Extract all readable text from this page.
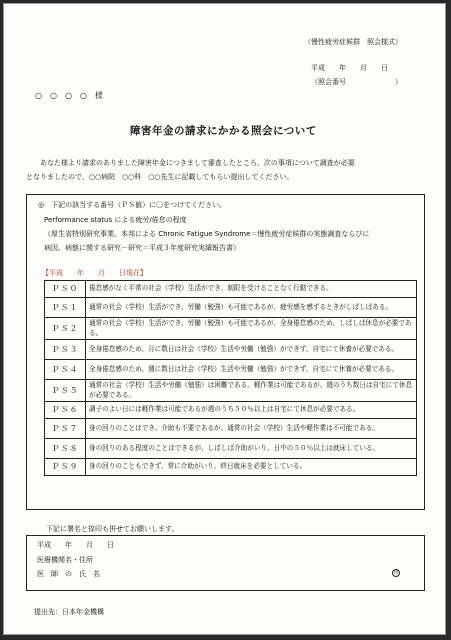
（慢性疲労症候群　照会様式）
平成　　年　　月　　日
（照会番号　　　　　　　）
○　○　○　○　様
障害年金の請求にかかる照会について
あなた様より請求のありました障害年金につきまして審査したところ、次の事項について調査が必要
となりましたので、○○病院　○○科　○○先生に記載してもらい提出してください。
◎　下記の該当する番号（ＰＳ値）に〇をつけてください。
Performance status による疲労/倦怠の程度
（厚生省特別研究事業、本邦による Chronic Fatigue Syndrome＝慢性疲労症候群の実態調査ならびに
病因、病態に関する研究－研究＝平成３年度研究実績報告書）
【平成　　年　　月　　日現在】
ＰＳ０	倦怠感がなく平常の社会（学校）生活ができ、制限を受けることなく行動できる。
ＰＳ１	通常の社会（学校）生活ができ、労働（勉強）も可能であるが、疲労感を感ずるときがしばしばある。
ＰＳ２	通常の社会（学校）生活ができ、労働（勉強）も可能であるが、全身倦怠感のため、しばしば休息が必要である。
ＰＳ３	全身倦怠感のため、月に数日は社会（学校）生活や労働（勉強）ができず、自宅にて休養が必要である。
ＰＳ４	全身倦怠感のため、週に数日は社会（学校）生活や労働（勉強）ができず、自宅にて休養が必要である。
ＰＳ５	通常の社会（学校）生活や労働（勉強）は困難である。軽作業は可能であるが、週のうち数日は自宅にて休息が必要である。
ＰＳ６	調子のよい日には軽作業は可能であるが週のうち５０％以上は自宅にて休息が必要である。
ＰＳ７	身の回りのことはでき、介助も不要であるが、通常の社会（学校）生活や軽作業は不可能である。
ＰＳ８	身の回りのある程度のことはできるが、しばしば介助がいり、日中の５０％以上は就床している。
ＰＳ９	身の回りのこともできず、常に介助がいり、終日就床を必要としている。
下記に署名と捺印も併せてお願いします。
平成　　年　　月　　日
医療機関名・住所
医　師　の　氏　名	印
提出先：日本年金機構
